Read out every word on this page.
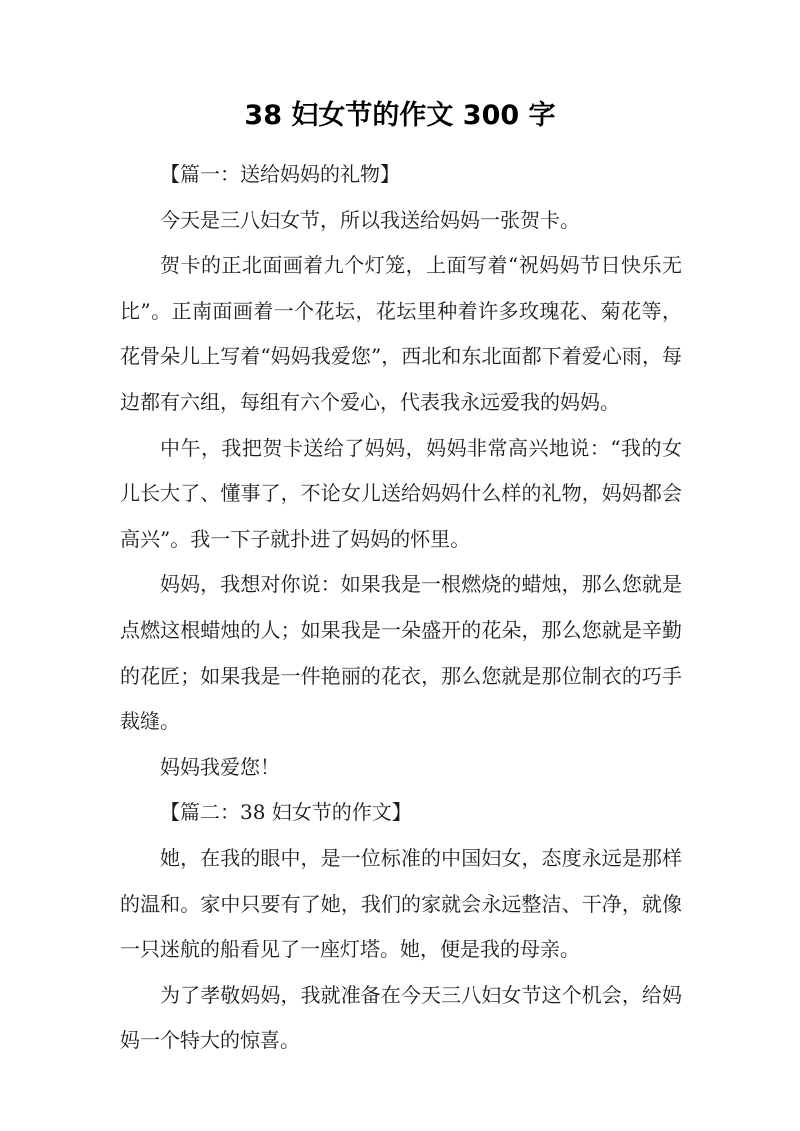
38 妇女节的作文 300 字

【篇一：送给妈妈的礼物】

今天是三八妇女节，所以我送给妈妈一张贺卡。

贺卡的正北面画着九个灯笼，上面写着“祝妈妈节日快乐无比”。正南面画着一个花坛，花坛里种着许多玫瑰花、菊花等，花骨朵儿上写着“妈妈我爱您”，西北和东北面都下着爱心雨，每边都有六组，每组有六个爱心，代表我永远爱我的妈妈。

中午，我把贺卡送给了妈妈，妈妈非常高兴地说：“我的女儿长大了、懂事了，不论女儿送给妈妈什么样的礼物，妈妈都会高兴”。我一下子就扑进了妈妈的怀里。

妈妈，我想对你说：如果我是一根燃烧的蜡烛，那么您就是点燃这根蜡烛的人；如果我是一朵盛开的花朵，那么您就是辛勤的花匠；如果我是一件艳丽的花衣，那么您就是那位制衣的巧手裁缝。

妈妈我爱您！

【篇二：38 妇女节的作文】

她，在我的眼中，是一位标准的中国妇女，态度永远是那样的温和。家中只要有了她，我们的家就会永远整洁、干净，就像一只迷航的船看见了一座灯塔。她，便是我的母亲。

为了孝敬妈妈，我就准备在今天三八妇女节这个机会，给妈妈一个特大的惊喜。
